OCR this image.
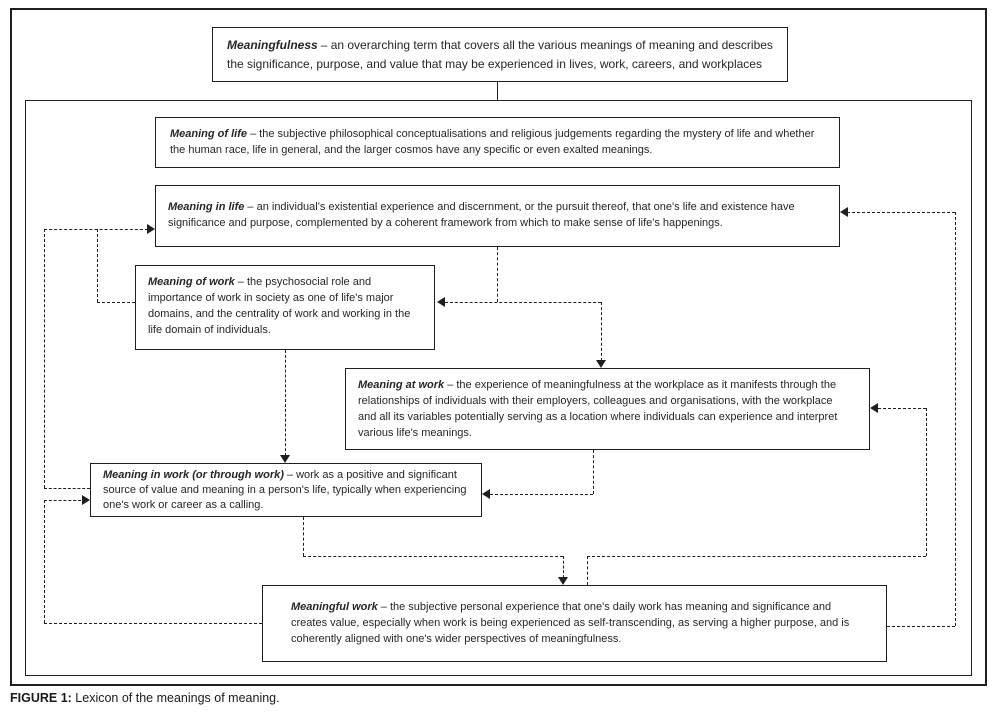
Meaningfulness – an overarching term that covers all the various meanings of meaning and describes the significance, purpose, and value that may be experienced in lives, work, careers, and workplaces
Meaning of life – the subjective philosophical conceptualisations and religious judgements regarding the mystery of life and whether the human race, life in general, and the larger cosmos have any specific or even exalted meanings.
Meaning in life – an individual's existential experience and discernment, or the pursuit thereof, that one's life and existence have significance and purpose, complemented by a coherent framework from which to make sense of life's happenings.
Meaning of work – the psychosocial role and importance of work in society as one of life's major domains, and the centrality of work and working in the life domain of individuals.
Meaning at work – the experience of meaningfulness at the workplace as it manifests through the relationships of individuals with their employers, colleagues and organisations, with the workplace and all its variables potentially serving as a location where individuals can experience and interpret various life's meanings.
Meaning in work (or through work) – work as a positive and significant source of value and meaning in a person's life, typically when experiencing one's work or career as a calling.
Meaningful work – the subjective personal experience that one's daily work has meaning and significance and creates value, especially when work is being experienced as self-transcending, as serving a higher purpose, and is coherently aligned with one's wider perspectives of meaningfulness.
FIGURE 1: Lexicon of the meanings of meaning.
